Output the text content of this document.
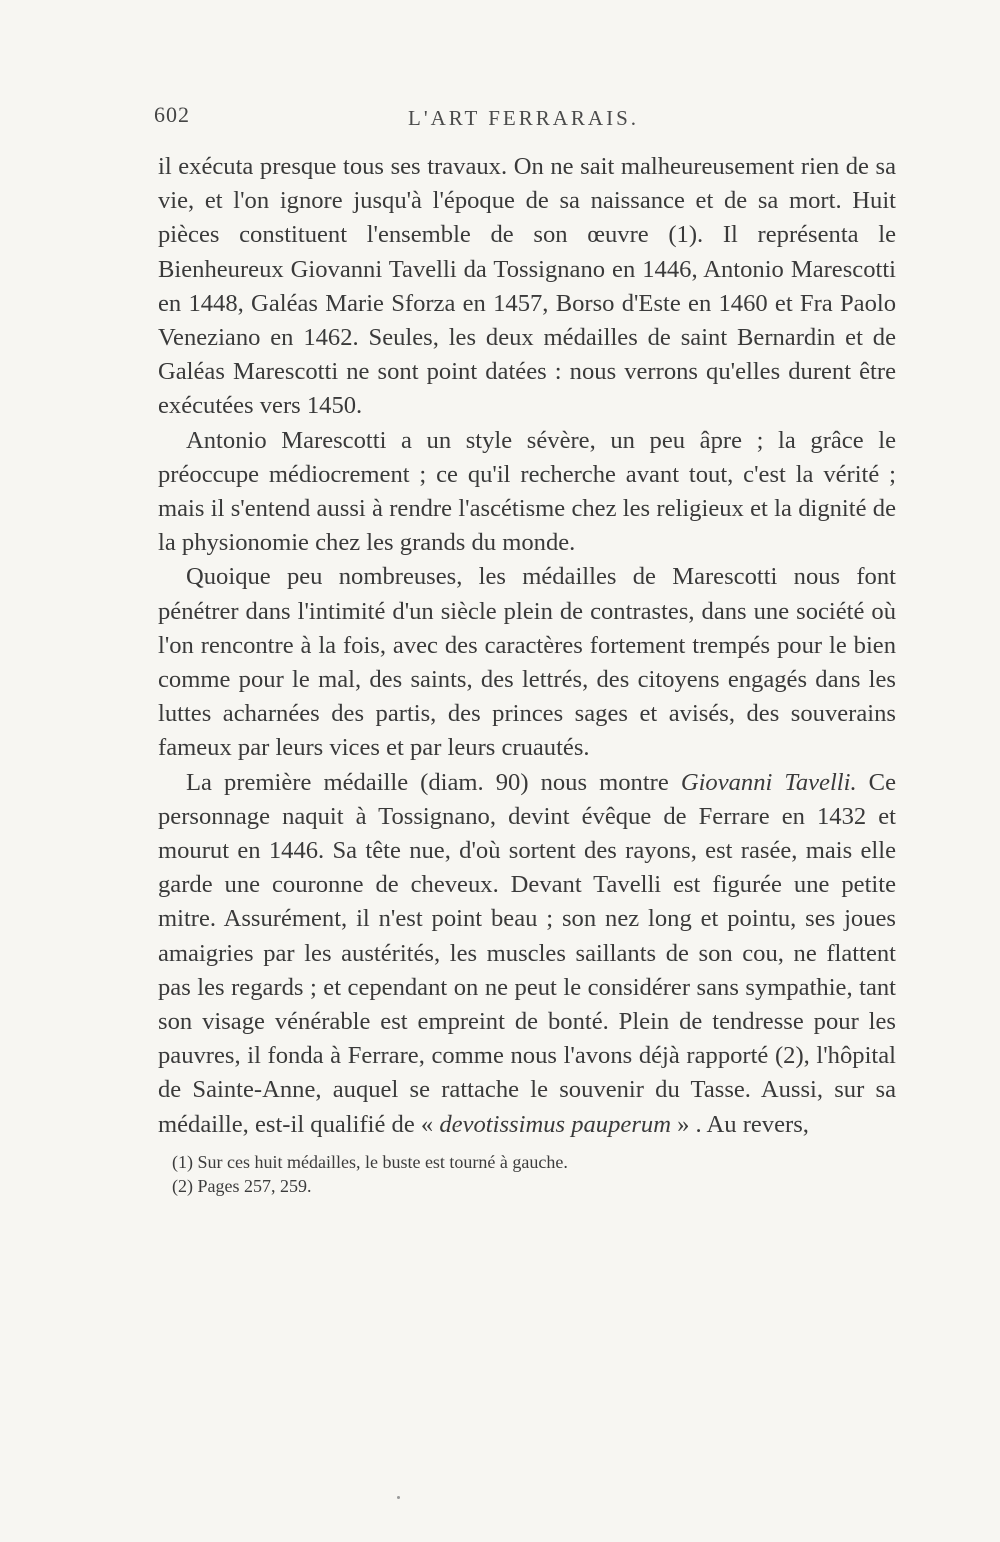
602	L'ART FERRARAIS.

il exécuta presque tous ses travaux. On ne sait malheureusement rien de sa vie, et l'on ignore jusqu'à l'époque de sa naissance et de sa mort. Huit pièces constituent l'ensemble de son œuvre (1). Il représenta le Bienheureux Giovanni Tavelli da Tossignano en 1446, Antonio Marescotti en 1448, Galéas Marie Sforza en 1457, Borso d'Este en 1460 et Fra Paolo Veneziano en 1462. Seules, les deux médailles de saint Bernardin et de Galéas Marescotti ne sont point datées : nous verrons qu'elles durent être exécutées vers 1450.

Antonio Marescotti a un style sévère, un peu âpre ; la grâce le préoccupe médiocrement ; ce qu'il recherche avant tout, c'est la vérité ; mais il s'entend aussi à rendre l'ascétisme chez les religieux et la dignité de la physionomie chez les grands du monde.

Quoique peu nombreuses, les médailles de Marescotti nous font pénétrer dans l'intimité d'un siècle plein de contrastes, dans une société où l'on rencontre à la fois, avec des caractères fortement trempés pour le bien comme pour le mal, des saints, des lettrés, des citoyens engagés dans les luttes acharnées des partis, des princes sages et avisés, des souverains fameux par leurs vices et par leurs cruautés.

La première médaille (diam. 90) nous montre Giovanni Tavelli. Ce personnage naquit à Tossignano, devint évêque de Ferrare en 1432 et mourut en 1446. Sa tête nue, d'où sortent des rayons, est rasée, mais elle garde une couronne de cheveux. Devant Tavelli est figurée une petite mitre. Assurément, il n'est point beau ; son nez long et pointu, ses joues amaigries par les austérités, les muscles saillants de son cou, ne flattent pas les regards ; et cependant on ne peut le considérer sans sympathie, tant son visage vénérable est empreint de bonté. Plein de tendresse pour les pauvres, il fonda à Ferrare, comme nous l'avons déjà rapporté (2), l'hôpital de Sainte-Anne, auquel se rattache le souvenir du Tasse. Aussi, sur sa médaille, est-il qualifié de « devotissimus pauperum » . Au revers,

(1) Sur ces huit médailles, le buste est tourné à gauche.
(2) Pages 257, 259.
